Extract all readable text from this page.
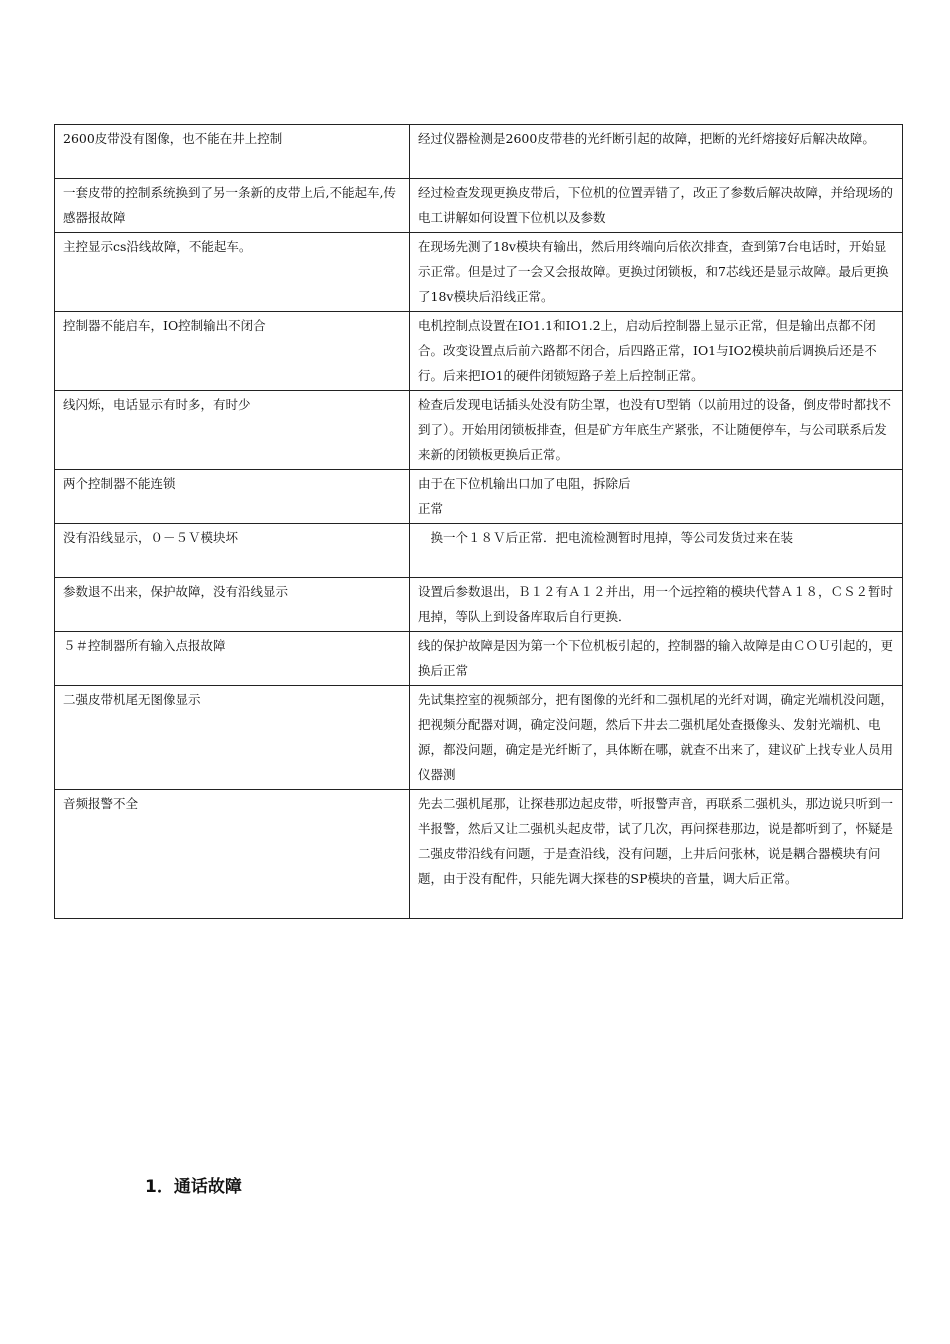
2600皮带没有图像，也不能在井上控制	经过仪器检测是2600皮带巷的光纤断引起的故障，把断的光纤熔接好后解决故障。

一套皮带的控制系统换到了另一条新的皮带上后,不能起车,传感器报故障	经过检查发现更换皮带后，下位机的位置弄错了，改正了参数后解决故障，并给现场的电工讲解如何设置下位机以及参数

主控显示cs沿线故障，不能起车。	在现场先测了18v模块有输出，然后用终端向后依次排查，查到第7台电话时，开始显示正常。但是过了一会又会报故障。更换过闭锁板，和7芯线还是显示故障。最后更换了18v模块后沿线正常。

控制器不能启车，IO控制输出不闭合	电机控制点设置在IO1.1和IO1.2上，启动后控制器上显示正常，但是输出点都不闭合。改变设置点后前六路都不闭合，后四路正常，IO1与IO2模块前后调换后还是不行。后来把IO1的硬件闭锁短路子差上后控制正常。

线闪烁，电话显示有时多，有时少	检查后发现电话插头处没有防尘罩，也没有U型销（以前用过的设备，倒皮带时都找不到了）。开始用闭锁板排查，但是矿方年底生产紧张，不让随便停车，与公司联系后发来新的闭锁板更换后正常。

两个控制器不能连锁	由于在下位机输出口加了电阻，拆除后
正常

没有沿线显示，０－５Ｖ模块坏	　换一个１８Ｖ后正常．把电流检测暂时甩掉，等公司发货过来在装

参数退不出来，保护故障，没有沿线显示	设置后参数退出，Ｂ１２有Ａ１２并出，用一个远控箱的模块代替Ａ１８，ＣＳ２暂时甩掉，等队上到设备库取后自行更换．

５＃控制器所有输入点报故障	线的保护故障是因为第一个下位机板引起的，控制器的输入故障是由ＣＯＵ引起的，更换后正常

二强皮带机尾无图像显示	先试集控室的视频部分，把有图像的光纤和二强机尾的光纤对调，确定光端机没问题，把视频分配器对调，确定没问题，然后下井去二强机尾处查摄像头、发射光端机、电源，都没问题，确定是光纤断了，具体断在哪，就查不出来了，建议矿上找专业人员用仪器测

音频报警不全	先去二强机尾那，让探巷那边起皮带，听报警声音，再联系二强机头，那边说只听到一半报警，然后又让二强机头起皮带，试了几次，再问探巷那边，说是都听到了，怀疑是二强皮带沿线有问题，于是查沿线，没有问题，上井后问张林，说是耦合器模块有问题，由于没有配件，只能先调大探巷的SP模块的音量，调大后正常。
1．通话故障
